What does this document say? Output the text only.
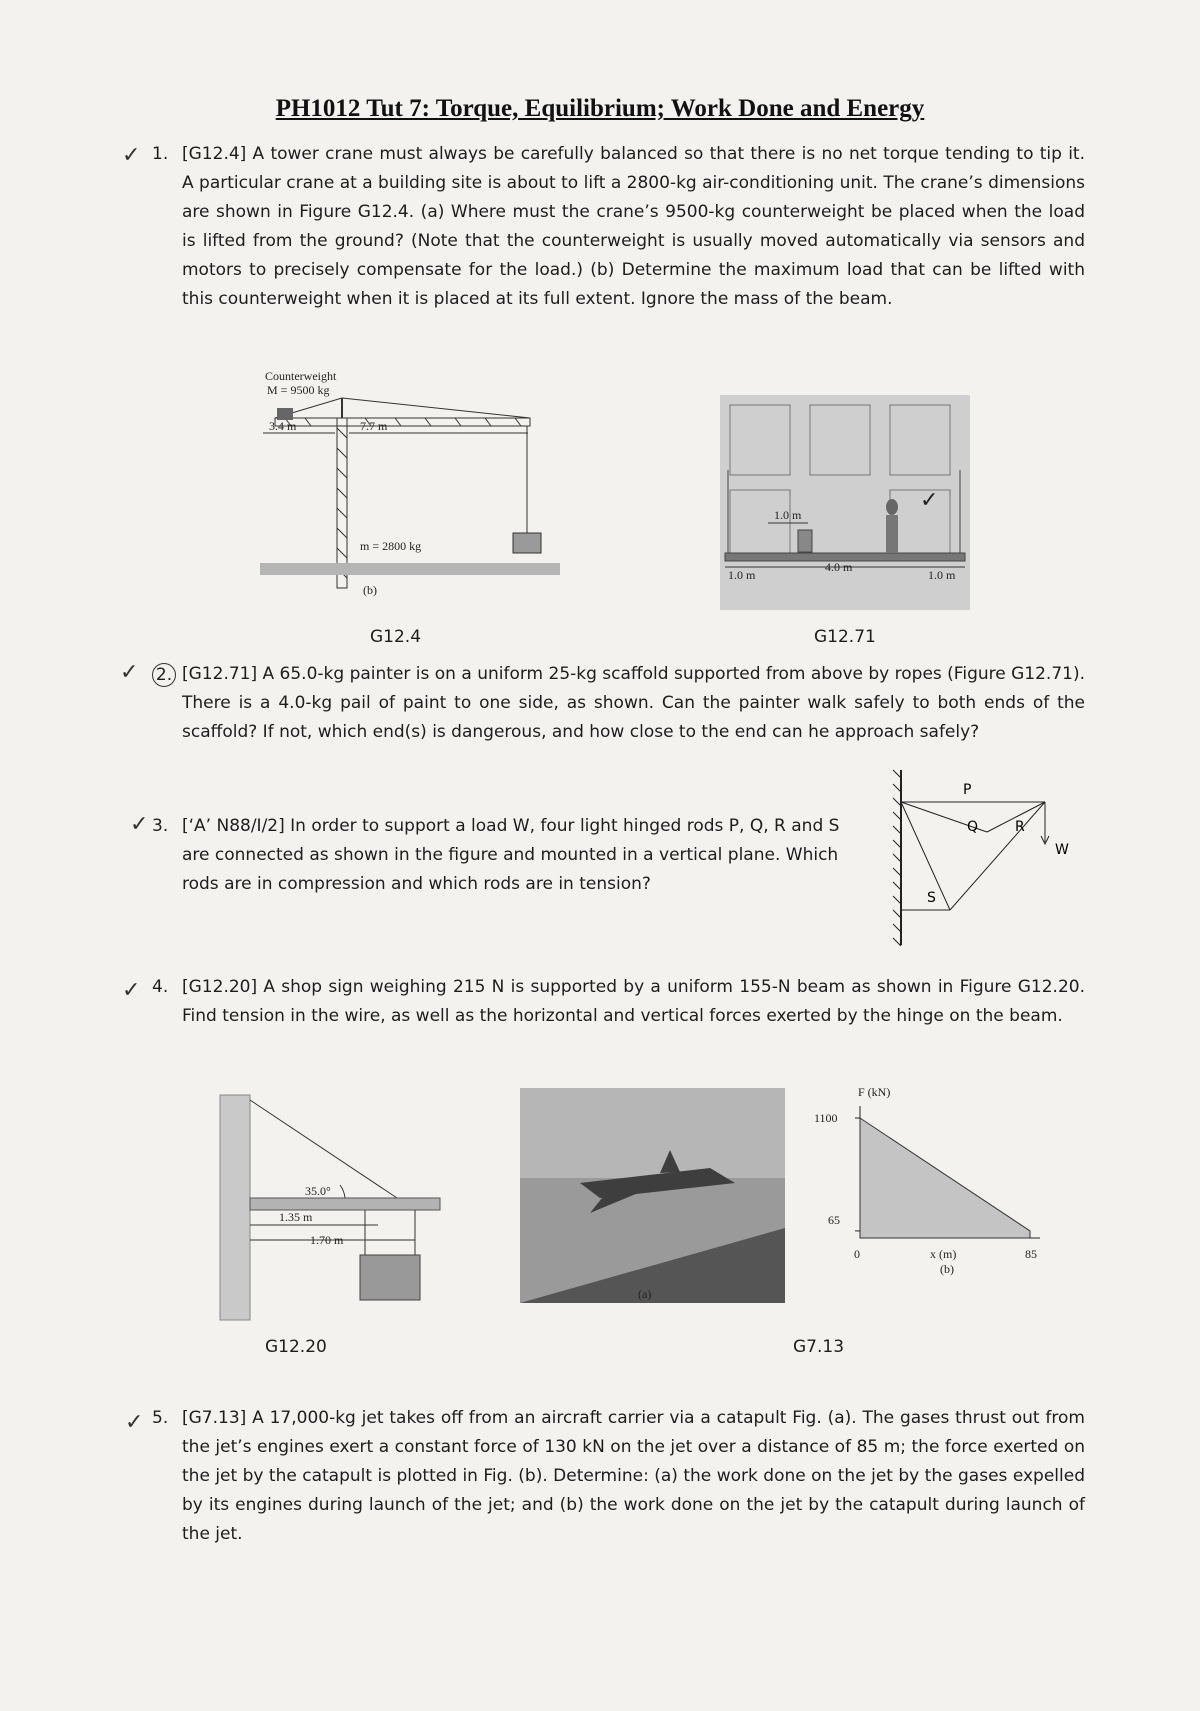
PH1012 Tut 7: Torque, Equilibrium; Work Done and Energy
✓ 1. [G12.4] A tower crane must always be carefully balanced so that there is no net torque tending to tip it. A particular crane at a building site is about to lift a 2800-kg air-conditioning unit. The crane’s dimensions are shown in Figure G12.4. (a) Where must the crane’s 9500-kg counterweight be placed when the load is lifted from the ground? (Note that the counterweight is usually moved automatically via sensors and motors to precisely compensate for the load.) (b) Determine the maximum load that can be lifted with this counterweight when it is placed at its full extent. Ignore the mass of the beam.
Counterweight
M = 9500 kg
3.4 m	7.7 m
m = 2800 kg
(b)
G12.4
✓
1.0 m
1.0 m
4.0 m
1.0 m
G12.71
✓ 2. [G12.71] A 65.0-kg painter is on a uniform 25-kg scaffold supported from above by ropes (Figure G12.71). There is a 4.0-kg pail of paint to one side, as shown. Can the painter walk safely to both ends of the scaffold? If not, which end(s) is dangerous, and how close to the end can he approach safely?
✓ 3. [‘A’ N88/I/2] In order to support a load W, four light hinged rods P, Q, R and S are connected as shown in the figure and mounted in a vertical plane. Which rods are in compression and which rods are in tension?
P
Q	R
S
W
✓ 4. [G12.20] A shop sign weighing 215 N is supported by a uniform 155-N beam as shown in Figure G12.20. Find tension in the wire, as well as the horizontal and vertical forces exerted by the hinge on the beam.
35.0°
1.35 m
1.70 m
G12.20
(a)
F (kN)
x (m)
1100
65
0	85
(b)
G7.13
✓ 5. [G7.13] A 17,000-kg jet takes off from an aircraft carrier via a catapult Fig. (a). The gases thrust out from the jet’s engines exert a constant force of 130 kN on the jet over a distance of 85 m; the force exerted on the jet by the catapult is plotted in Fig. (b). Determine: (a) the work done on the jet by the gases expelled by its engines during launch of the jet; and (b) the work done on the jet by the catapult during launch of the jet.
